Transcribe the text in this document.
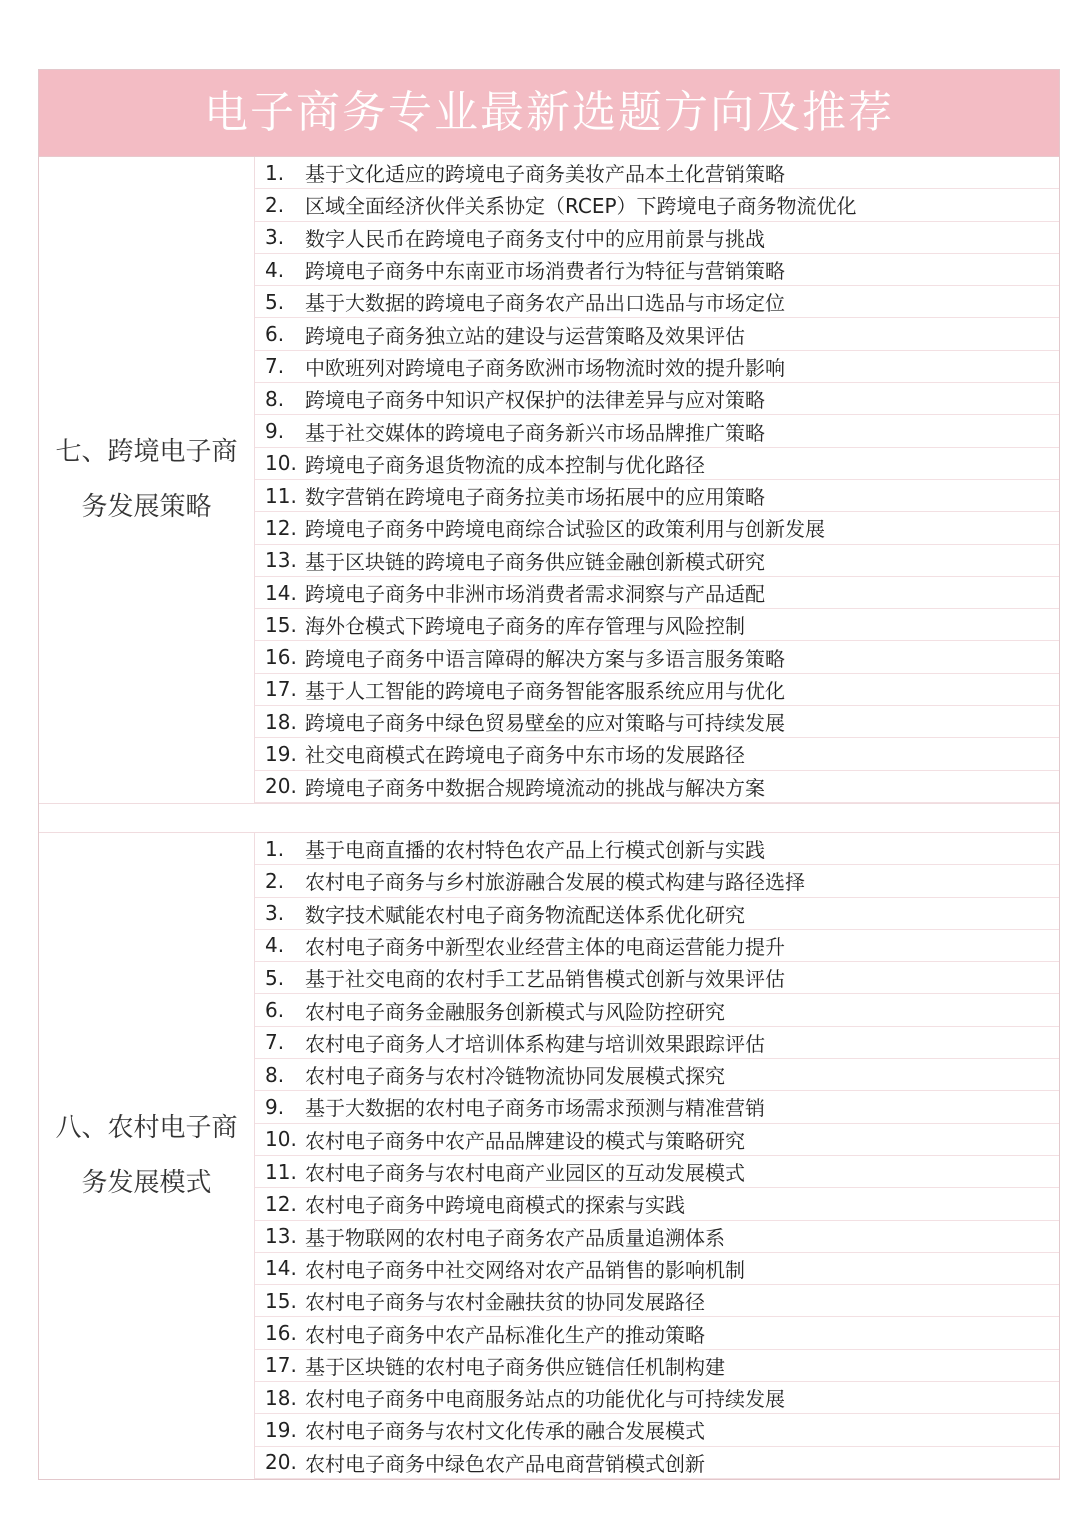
电子商务专业最新选题方向及推荐
七、跨境电子商
务发展策略
1.	基于文化适应的跨境电子商务美妆产品本土化营销策略
2.	区域全面经济伙伴关系协定（RCEP）下跨境电子商务物流优化
3.	数字人民币在跨境电子商务支付中的应用前景与挑战
4.	跨境电子商务中东南亚市场消费者行为特征与营销策略
5.	基于大数据的跨境电子商务农产品出口选品与市场定位
6.	跨境电子商务独立站的建设与运营策略及效果评估
7.	中欧班列对跨境电子商务欧洲市场物流时效的提升影响
8.	跨境电子商务中知识产权保护的法律差异与应对策略
9.	基于社交媒体的跨境电子商务新兴市场品牌推广策略
10. 跨境电子商务退货物流的成本控制与优化路径
11. 数字营销在跨境电子商务拉美市场拓展中的应用策略
12. 跨境电子商务中跨境电商综合试验区的政策利用与创新发展
13. 基于区块链的跨境电子商务供应链金融创新模式研究
14. 跨境电子商务中非洲市场消费者需求洞察与产品适配
15. 海外仓模式下跨境电子商务的库存管理与风险控制
16. 跨境电子商务中语言障碍的解决方案与多语言服务策略
17. 基于人工智能的跨境电子商务智能客服系统应用与优化
18. 跨境电子商务中绿色贸易壁垒的应对策略与可持续发展
19. 社交电商模式在跨境电子商务中东市场的发展路径
20. 跨境电子商务中数据合规跨境流动的挑战与解决方案
八、农村电子商
务发展模式
1.	基于电商直播的农村特色农产品上行模式创新与实践
2.	农村电子商务与乡村旅游融合发展的模式构建与路径选择
3.	数字技术赋能农村电子商务物流配送体系优化研究
4.	农村电子商务中新型农业经营主体的电商运营能力提升
5.	基于社交电商的农村手工艺品销售模式创新与效果评估
6.	农村电子商务金融服务创新模式与风险防控研究
7.	农村电子商务人才培训体系构建与培训效果跟踪评估
8.	农村电子商务与农村冷链物流协同发展模式探究
9.	基于大数据的农村电子商务市场需求预测与精准营销
10. 农村电子商务中农产品品牌建设的模式与策略研究
11. 农村电子商务与农村电商产业园区的互动发展模式
12. 农村电子商务中跨境电商模式的探索与实践
13. 基于物联网的农村电子商务农产品质量追溯体系
14. 农村电子商务中社交网络对农产品销售的影响机制
15. 农村电子商务与农村金融扶贫的协同发展路径
16. 农村电子商务中农产品标准化生产的推动策略
17. 基于区块链的农村电子商务供应链信任机制构建
18. 农村电子商务中电商服务站点的功能优化与可持续发展
19. 农村电子商务与农村文化传承的融合发展模式
20. 农村电子商务中绿色农产品电商营销模式创新
